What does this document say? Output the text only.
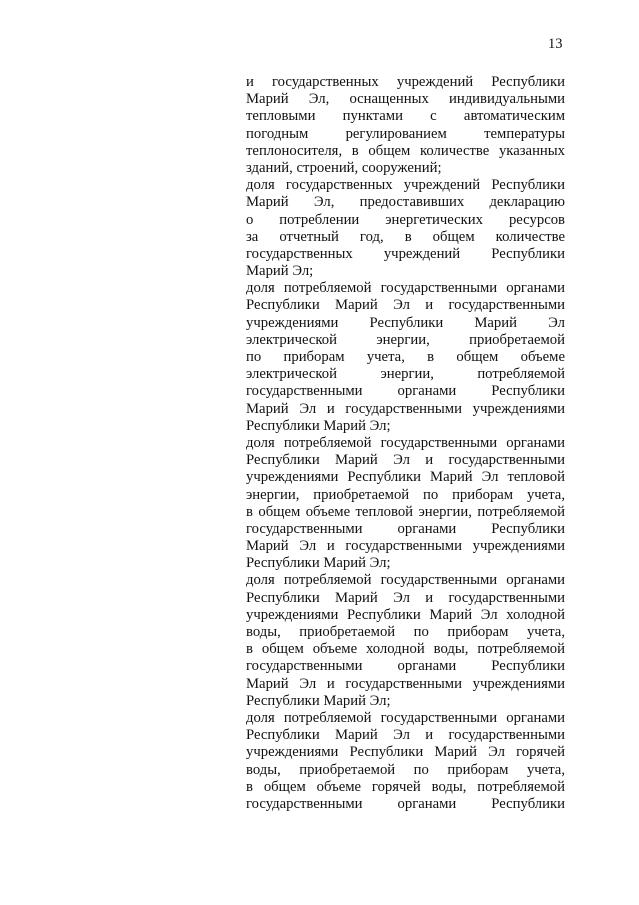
13
и государственных учреждений Республики
Марий Эл, оснащенных индивидуальными
тепловыми пунктами с автоматическим
погодным регулированием температуры
теплоносителя, в общем количестве указанных
зданий, строений, сооружений;
доля государственных учреждений Республики
Марий Эл, предоставивших декларацию
о потреблении энергетических ресурсов
за отчетный год, в общем количестве
государственных учреждений Республики
Марий Эл;
доля потребляемой государственными органами
Республики Марий Эл и государственными
учреждениями Республики Марий Эл
электрической энергии, приобретаемой
по приборам учета, в общем объеме
электрической энергии, потребляемой
государственными органами Республики
Марий Эл и государственными учреждениями
Республики Марий Эл;
доля потребляемой государственными органами
Республики Марий Эл и государственными
учреждениями Республики Марий Эл тепловой
энергии, приобретаемой по приборам учета,
в общем объеме тепловой энергии, потребляемой
государственными органами Республики
Марий Эл и государственными учреждениями
Республики Марий Эл;
доля потребляемой государственными органами
Республики Марий Эл и государственными
учреждениями Республики Марий Эл холодной
воды, приобретаемой по приборам учета,
в общем объеме холодной воды, потребляемой
государственными органами Республики
Марий Эл и государственными учреждениями
Республики Марий Эл;
доля потребляемой государственными органами
Республики Марий Эл и государственными
учреждениями Республики Марий Эл горячей
воды, приобретаемой по приборам учета,
в общем объеме горячей воды, потребляемой
государственными органами Республики
